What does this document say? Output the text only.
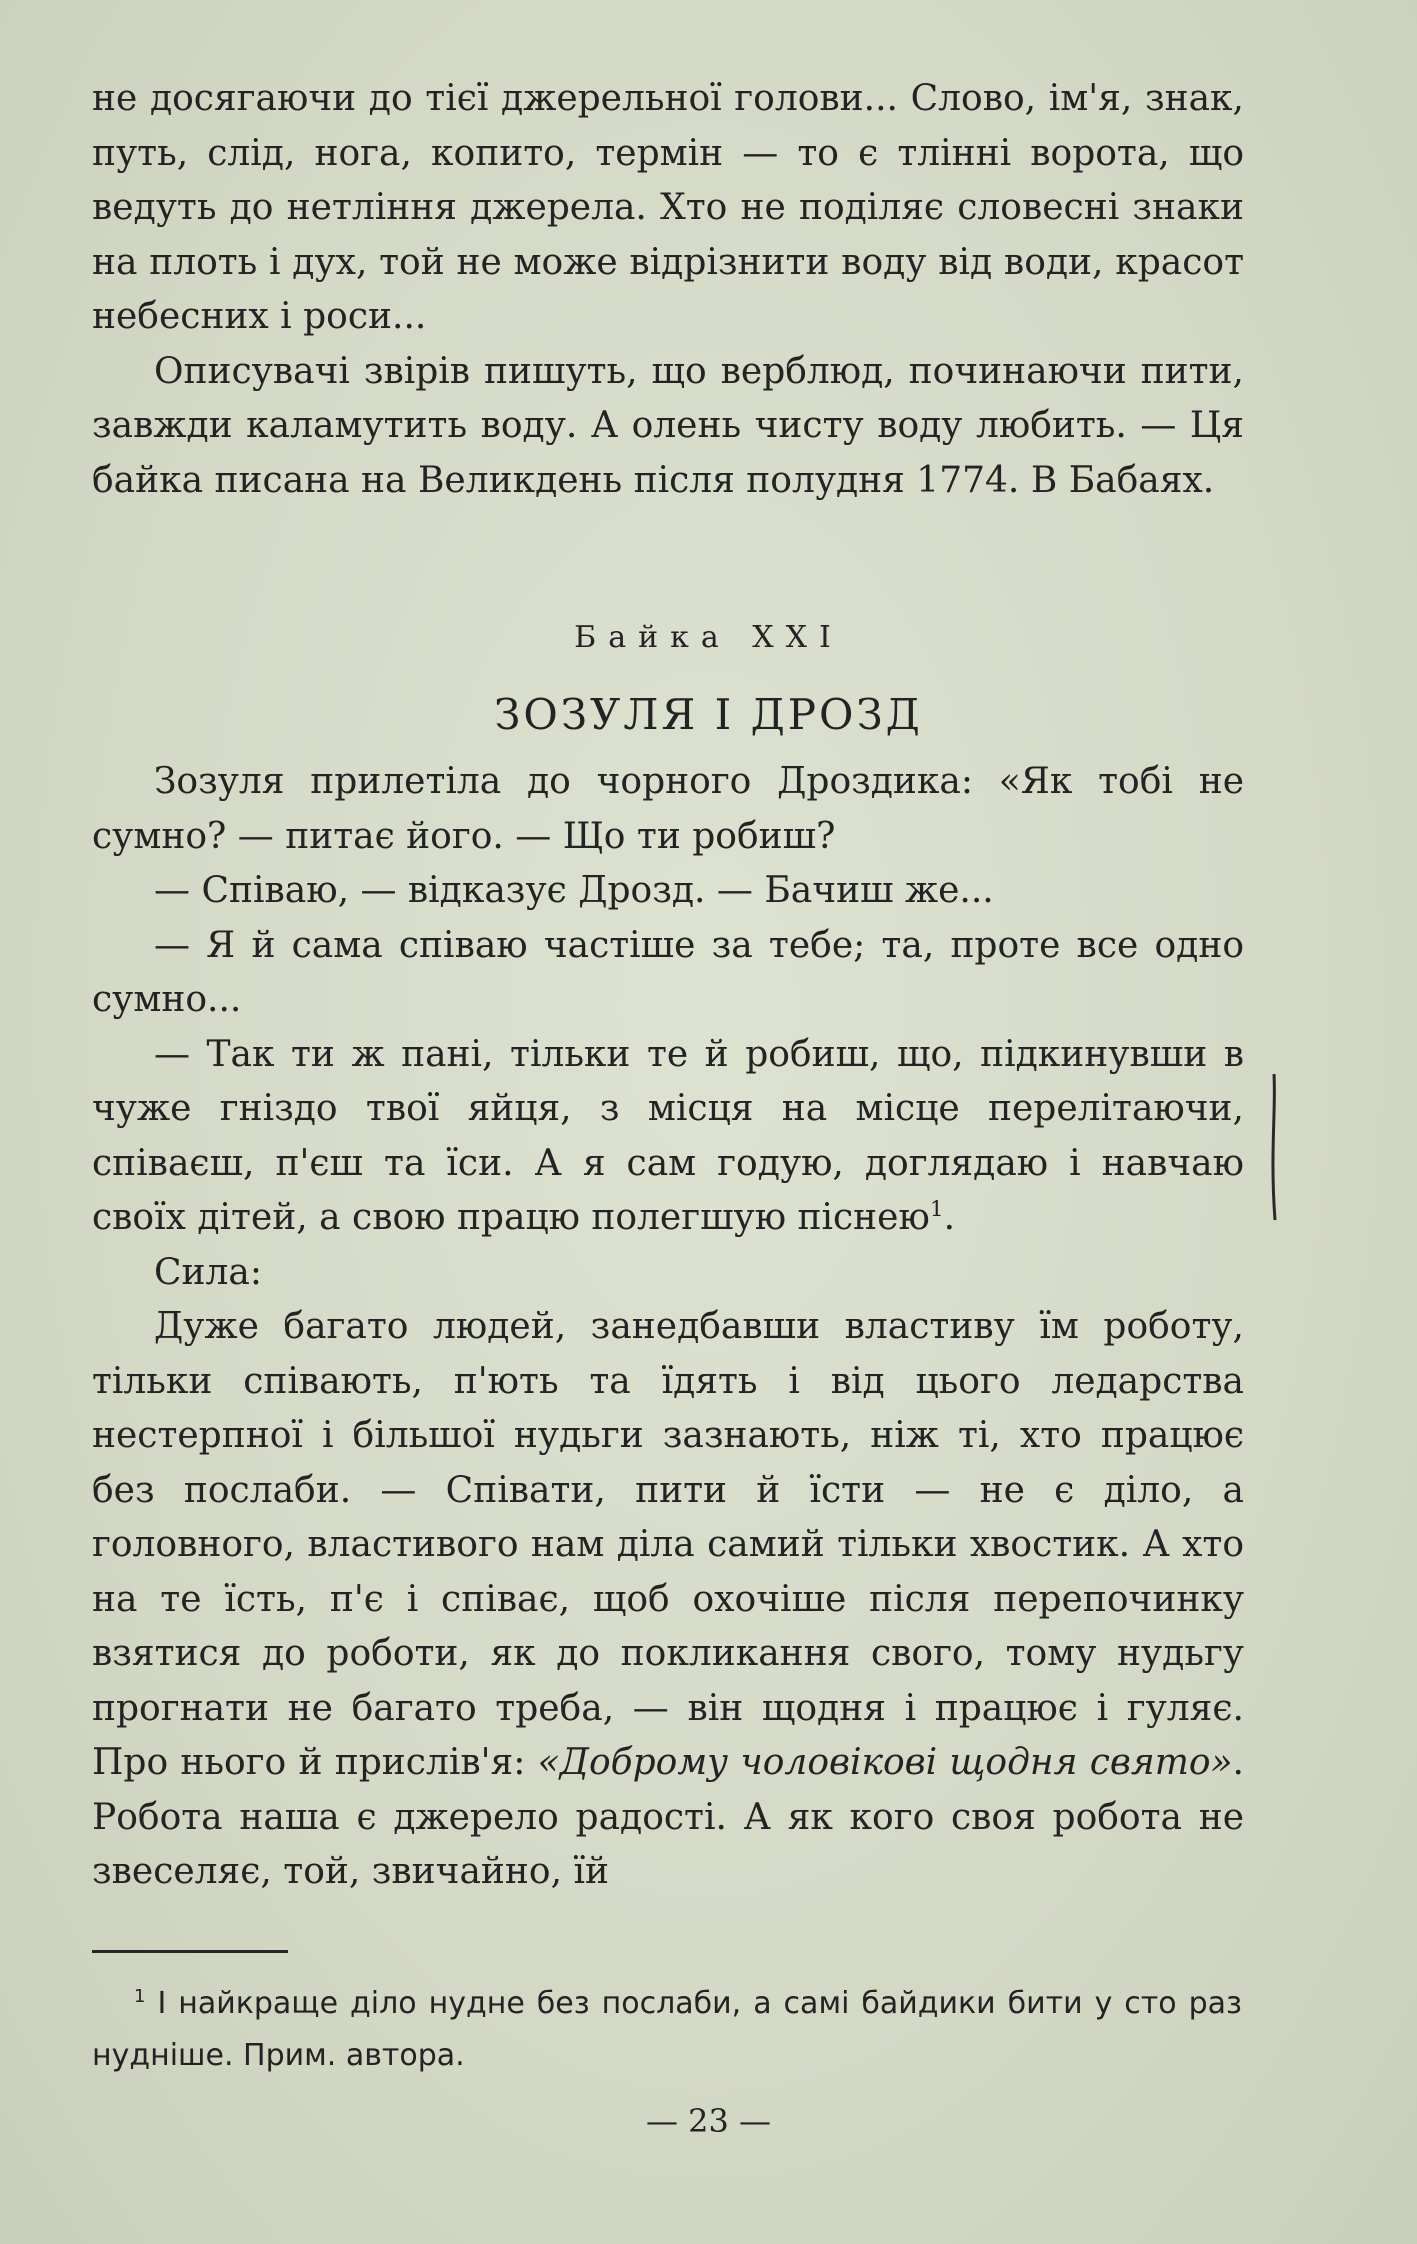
не досягаючи до тієї джерельної голови... Слово, ім'я, знак, путь, слід, нога, копито, термін — то є тлінні ворота, що ведуть до нетління джерела. Хто не поділяє словесні знаки на плоть і дух, той не може відрізнити воду від води, красот небесних і роси...

Описувачі звірів пишуть, що верблюд, починаючи пити, завжди каламутить воду. А олень чисту воду любить. — Ця байка писана на Великдень після полудня 1774. В Бабаях.

Байка XXI
ЗОЗУЛЯ І ДРОЗД

Зозуля прилетіла до чорного Дроздика: «Як тобі не сумно? — питає його. — Що ти робиш?

— Співаю, — відказує Дрозд. — Бачиш же...

— Я й сама співаю частіше за тебе; та, проте все одно сумно...

— Так ти ж пані, тільки те й робиш, що, підкинувши в чуже гніздо твої яйця, з місця на місце перелітаючи, співаєш, п'єш та їси. А я сам годую, доглядаю і навчаю своїх дітей, а свою працю полегшую піснею$^1$.

Сила:

Дуже багато людей, занедбавши властиву їм роботу, тільки співають, п'ють та їдять і від цього ледарства нестерпної і більшої нудьги зазнають, ніж ті, хто працює без послаби. — Співати, пити й їсти — не є діло, а головного, властивого нам діла самий тільки хвостик. А хто на те їсть, п'є і співає, щоб охочіше після перепочинку взятися до роботи, як до покликання свого, тому нудьгу прогнати не багато треба, — він щодня і працює і гуляє. Про нього й прислів'я: «Доброму чоловікові щодня свято». Робота наша є джерело радості. А як кого своя робота не звеселяє, той, звичайно, їй

$^1$ І найкраще діло нудне без послаби, а самі байдики бити у сто раз нудніше. Прим. автора.
— 23 —
